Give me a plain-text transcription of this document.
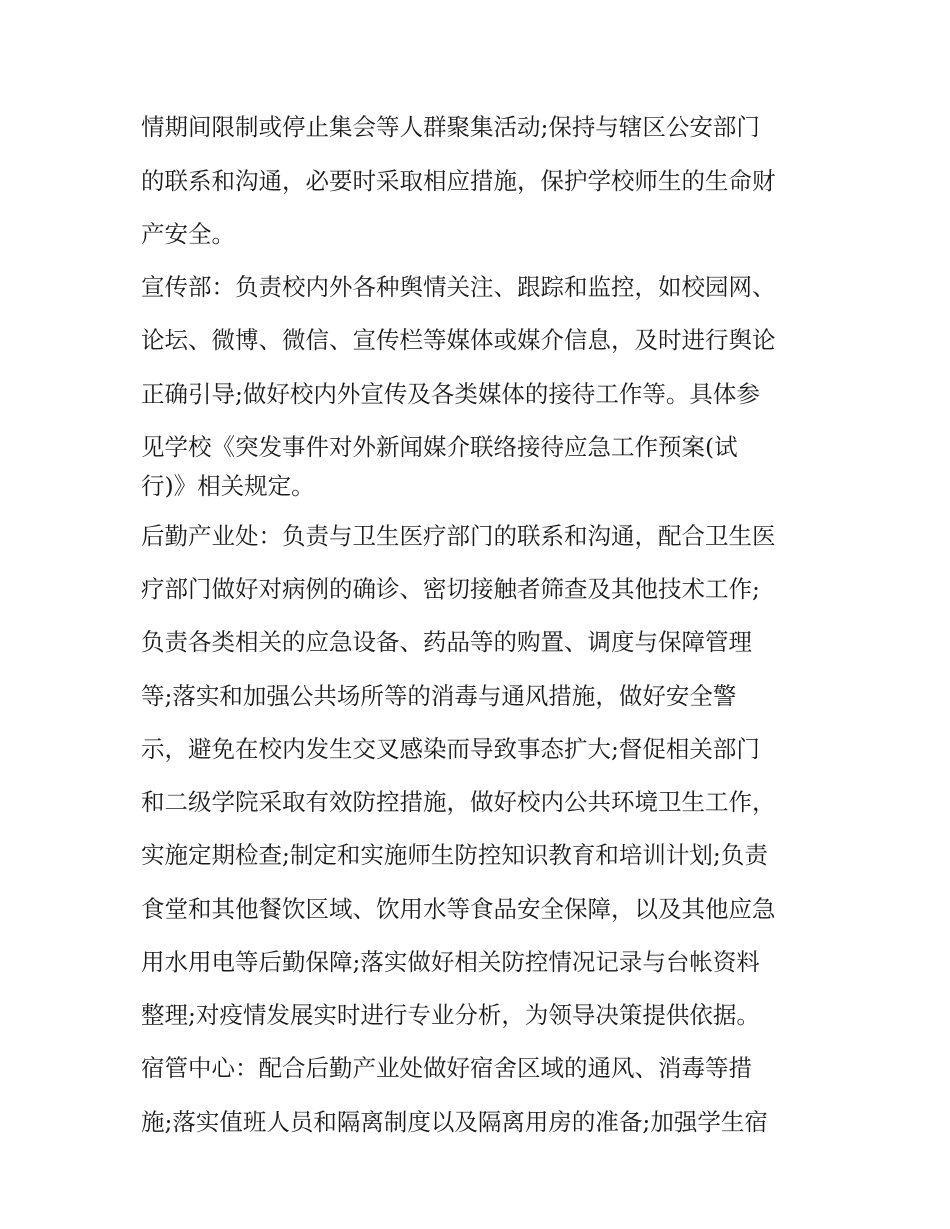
情期间限制或停止集会等人群聚集活动;保持与辖区公安部门
的联系和沟通，必要时采取相应措施，保护学校师生的生命财
产安全。
宣传部：负责校内外各种舆情关注、跟踪和监控，如校园网、
论坛、微博、微信、宣传栏等媒体或媒介信息，及时进行舆论
正确引导;做好校内外宣传及各类媒体的接待工作等。具体参
见学校《突发事件对外新闻媒介联络接待应急工作预案(试
行)》相关规定。
后勤产业处：负责与卫生医疗部门的联系和沟通，配合卫生医
疗部门做好对病例的确诊、密切接触者筛查及其他技术工作;
负责各类相关的应急设备、药品等的购置、调度与保障管理
等;落实和加强公共场所等的消毒与通风措施，做好安全警
示，避免在校内发生交叉感染而导致事态扩大;督促相关部门
和二级学院采取有效防控措施，做好校内公共环境卫生工作，
实施定期检查;制定和实施师生防控知识教育和培训计划;负责
食堂和其他餐饮区域、饮用水等食品安全保障，以及其他应急
用水用电等后勤保障;落实做好相关防控情况记录与台帐资料
整理;对疫情发展实时进行专业分析，为领导决策提供依据。
宿管中心：配合后勤产业处做好宿舍区域的通风、消毒等措
施;落实值班人员和隔离制度以及隔离用房的准备;加强学生宿
